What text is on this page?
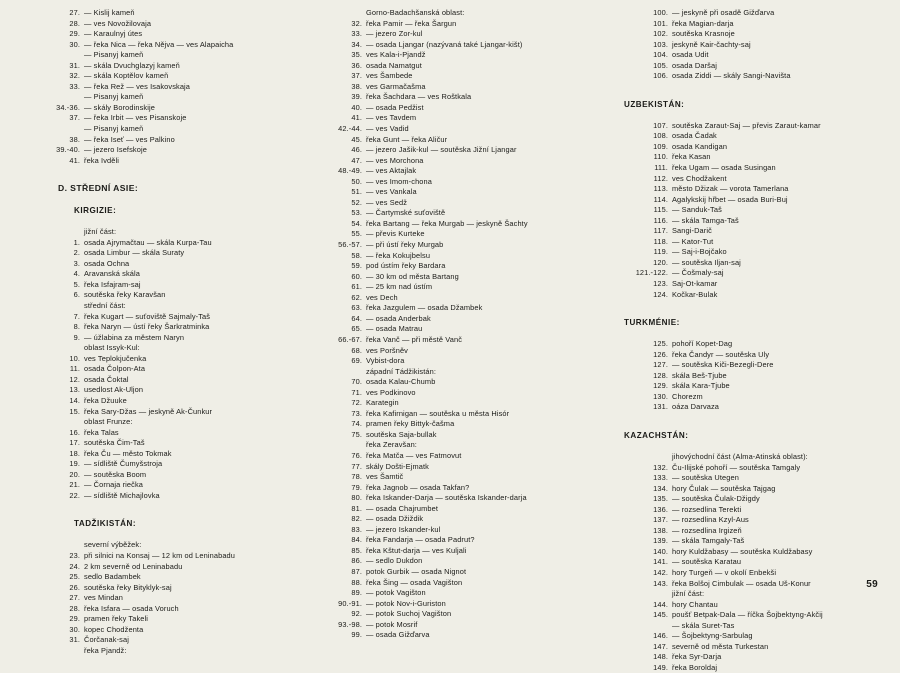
27. — Kislij kameň
28. — ves Novožilovaja
29. — Karaulnyj útes
30. — řeka Nica — řeka Nějva — ves Alapaicha
— Pisanyj kameň
31. — skála Dvuchglazyj kameň
32. — skála Koptělov kameň
33. — řeka Rež — ves Isakovskaja
— Pisanyj kameň
34.-36. — skály Borodinskije
37. — řeka Irbit — ves Pisanskoje
— Pisanyj kameň
38. — řeka Iseť — ves Palkino
39.-40. — jezero Isefskoje
41. řeka Ivděli
D. STŘEDNÍ ASIE:
KIRGIZIE:
jižní část:
1. osada Ajrymačtau — skála Kurpa-Tau
2. osada Limbur — skála Suraty
3. osada Ochna
4. Aravanská skála
5. řeka Isfajram-saj
6. soutěska řeky Karavšan
střední část:
7. řeka Kugart — suťoviště Sajmaly-Taš
8. řeka Naryn — ústí řeky Šarkratminka
9. — úžlabina za městem Naryn
oblast Issyk-Kul:
10. ves Teplokjučenka
11. osada Čolpon-Ata
12. osada Čoktal
13. usedlost Ak-Uljon
14. řeka Džuuke
15. řeka Sary-Džas — jeskyně Ak-Čunkur
oblast Frunze:
16. řeka Talas
17. soutěska Čim-Taš
18. řeka Ču — město Tokmak
19. — sídliště Čumyšstroja
20. — soutěska Boom
21. — Čornaja riečka
22. — sídliště Michajlovka
TADŽIKISTÁN:
severní výběžek:
23. při silnici na Konsaj — 12 km od Leninabadu
24. 2 km severně od Leninabadu
25. sedlo Badambek
26. soutěska řeky Bityklyk-saj
27. ves Mindan
28. řeka Isfara — osada Voruch
29. pramen řeky Takeli
30. kopec Chodženta
31. Čorčanak-saj
řeka Pjandž:
Gorno-Badachšanská oblast:
32. řeka Pamir — řeka Šargun
33. — jezero Zor-kul
34. — osada Ljangar (nazývaná také Ljangar-kišt)
35. ves Kala-i-Pjandž
36. osada Namatgut
37. ves Šambede
38. ves Garmačašma
39. řeka Šachdara — ves Roštkala
40. — osada Pedžist
41. — ves Tavdem
42.-44. — ves Vadid
45. řeka Gunt — řeka Aličur
46. — jezero Jašik-kul — soutěska Jižní Ljangar
47. — ves Morchona
48.-49. — ves Aktajlak
50. — ves Imom-chona
51. — ves Vankala
52. — ves Sedž
53. — Čartymské suťoviště
54. řeka Bartang — řeka Murgab — jeskyně Šachty
55. — převis Kurteke
56.-57. — při ústí řeky Murgab
58. — řeka Kokujbelsu
59. pod ústím řeky Bardara
60. — 30 km od města Bartang
61. — 25 km nad ústím
62. ves Dech
63. řeka Jazgulem — osada Džambek
64. — osada Anderbak
65. — osada Matrau
66.-67. řeka Vanč — při městě Vanč
68. ves Poršněv
69. Vybist-dora
západní Tádžikistán:
70. osada Kalau-Chumb
71. ves Podkinovo
72. Karategin
73. řeka Kafirnigan — soutěska u města Hisór
74. pramen řeky Bittyk-čašma
75. soutěska Saja-bullak
řeka Zeravšan:
76. řeka Matča — ves Fatmovut
77. skály Došti-Ejmatk
78. ves Šamtič
79. řeka Jagnob — osada Takfan?
80. řeka Iskander-Darja — soutěska Iskander-darja
81. — osada Chajrumbet
82. — osada Džiždik
83. — jezero Iskander-kul
84. řeka Fandarja — osada Padrut?
85. řeka Kštut-darja — ves Kuljali
86. — sedlo Dukdon
87. potok Gurbik — osada Nignot
88. řeka Šing — osada Vagišton
89. — potok Vagišton
90.-91. — potok Nov-i-Guriston
92. — potok Suchoj Vagišton
93.-98. — potok Mosrif
99. — osada Gižďarva
100. — jeskyně při osadě Gižďarva
101. řeka Magian-darja
102. soutěska Krasnoje
103. jeskyně Kair-čachty-saj
104. osada Udit
105. osada Daršaj
106. osada Ziddi — skály Sangi-Navišta
UZBEKISTÁN:
107. soutěska Zaraut-Saj — převis Zaraut-kamar
108. osada Čadak
109. osada Kandigan
110. řeka Kasan
111. řeka Ugam — osada Susingan
112. ves Chodžakent
113. město Džizak — vorota Tamerlana
114. Agalykskij hřbet — osada Buri-Buj
115. — Sanduk-Taš
116. — skála Tamga-Taš
117. Sangi-Darič
118. — Kator-Tut
119. — Saj-i-Bojčako
120. — soutěska Iljan-saj
121.-122. — Čošmaly-saj
123. Saj-Ot-kamar
124. Kočkar-Bulak
TURKMÉNIE:
125. pohoří Kopet-Dag
126. řeka Čandyr — soutěska Uly
127. — soutěska Kiči-Bezegli-Dere
128. skála Beš-Tjube
129. skála Kara-Tjube
130. Chorezm
131. oáza Darvaza
KAZACHSTÁN:
jihovýchodní část (Alma-Atinská oblast):
132. Ču-Ilijské pohoří — soutěska Tamgaly
133. — soutěska Utegen
134. hory Čulak — soutěska Tajgag
135. — soutěska Čulak-Džigdy
136. — rozsedlina Terekti
137. — rozsedlina Kzyl-Aus
138. — rozsedlina Irgizeň
139. — skála Tamgaly-Taš
140. hory Kuldžabasy — soutěska Kuldžabasy
141. — soutěska Karatau
142. hory Turgeň — v okolí Enbekši
143. řeka Bolšoj Cimbulak — osada Uš-Konur
jižní část:
144. hory Chantau
145. poušť Betpak-Dala — říčka Šojbektyng-Akčij
— skála Suret-Tas
146. — Šojbektyng-Sarbulag
147. severně od města Turkestan
148. řeka Syr-Darja
149. řeka Boroldaj
59
